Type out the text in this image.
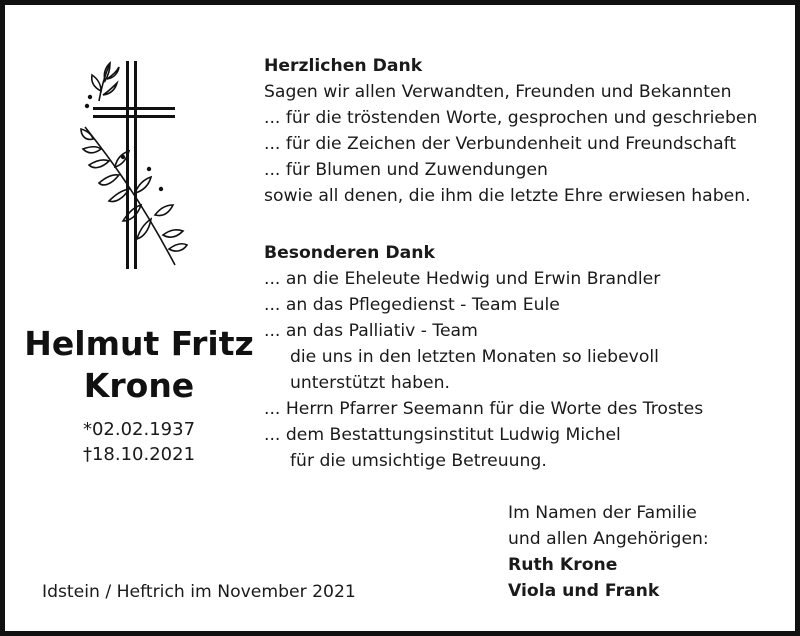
Helmut Fritz
Krone
*02.02.1937
†18.10.2021
Herzlichen Dank
Sagen wir allen Verwandten, Freunden und Bekannten
... für die tröstenden Worte, gesprochen und geschrieben
... für die Zeichen der Verbundenheit und Freundschaft
... für Blumen und Zuwendungen
sowie all denen, die ihm die letzte Ehre erwiesen haben.
Besonderen Dank
... an die Eheleute Hedwig und Erwin Brandler
... an das Pflegedienst - Team Eule
... an das Palliativ - Team
die uns in den letzten Monaten so liebevoll
unterstützt haben.
... Herrn Pfarrer Seemann für die Worte des Trostes
... dem Bestattungsinstitut Ludwig Michel
für die umsichtige Betreuung.
Im Namen der Familie
und allen Angehörigen:
Ruth Krone
Viola und Frank
Idstein / Heftrich im November 2021
